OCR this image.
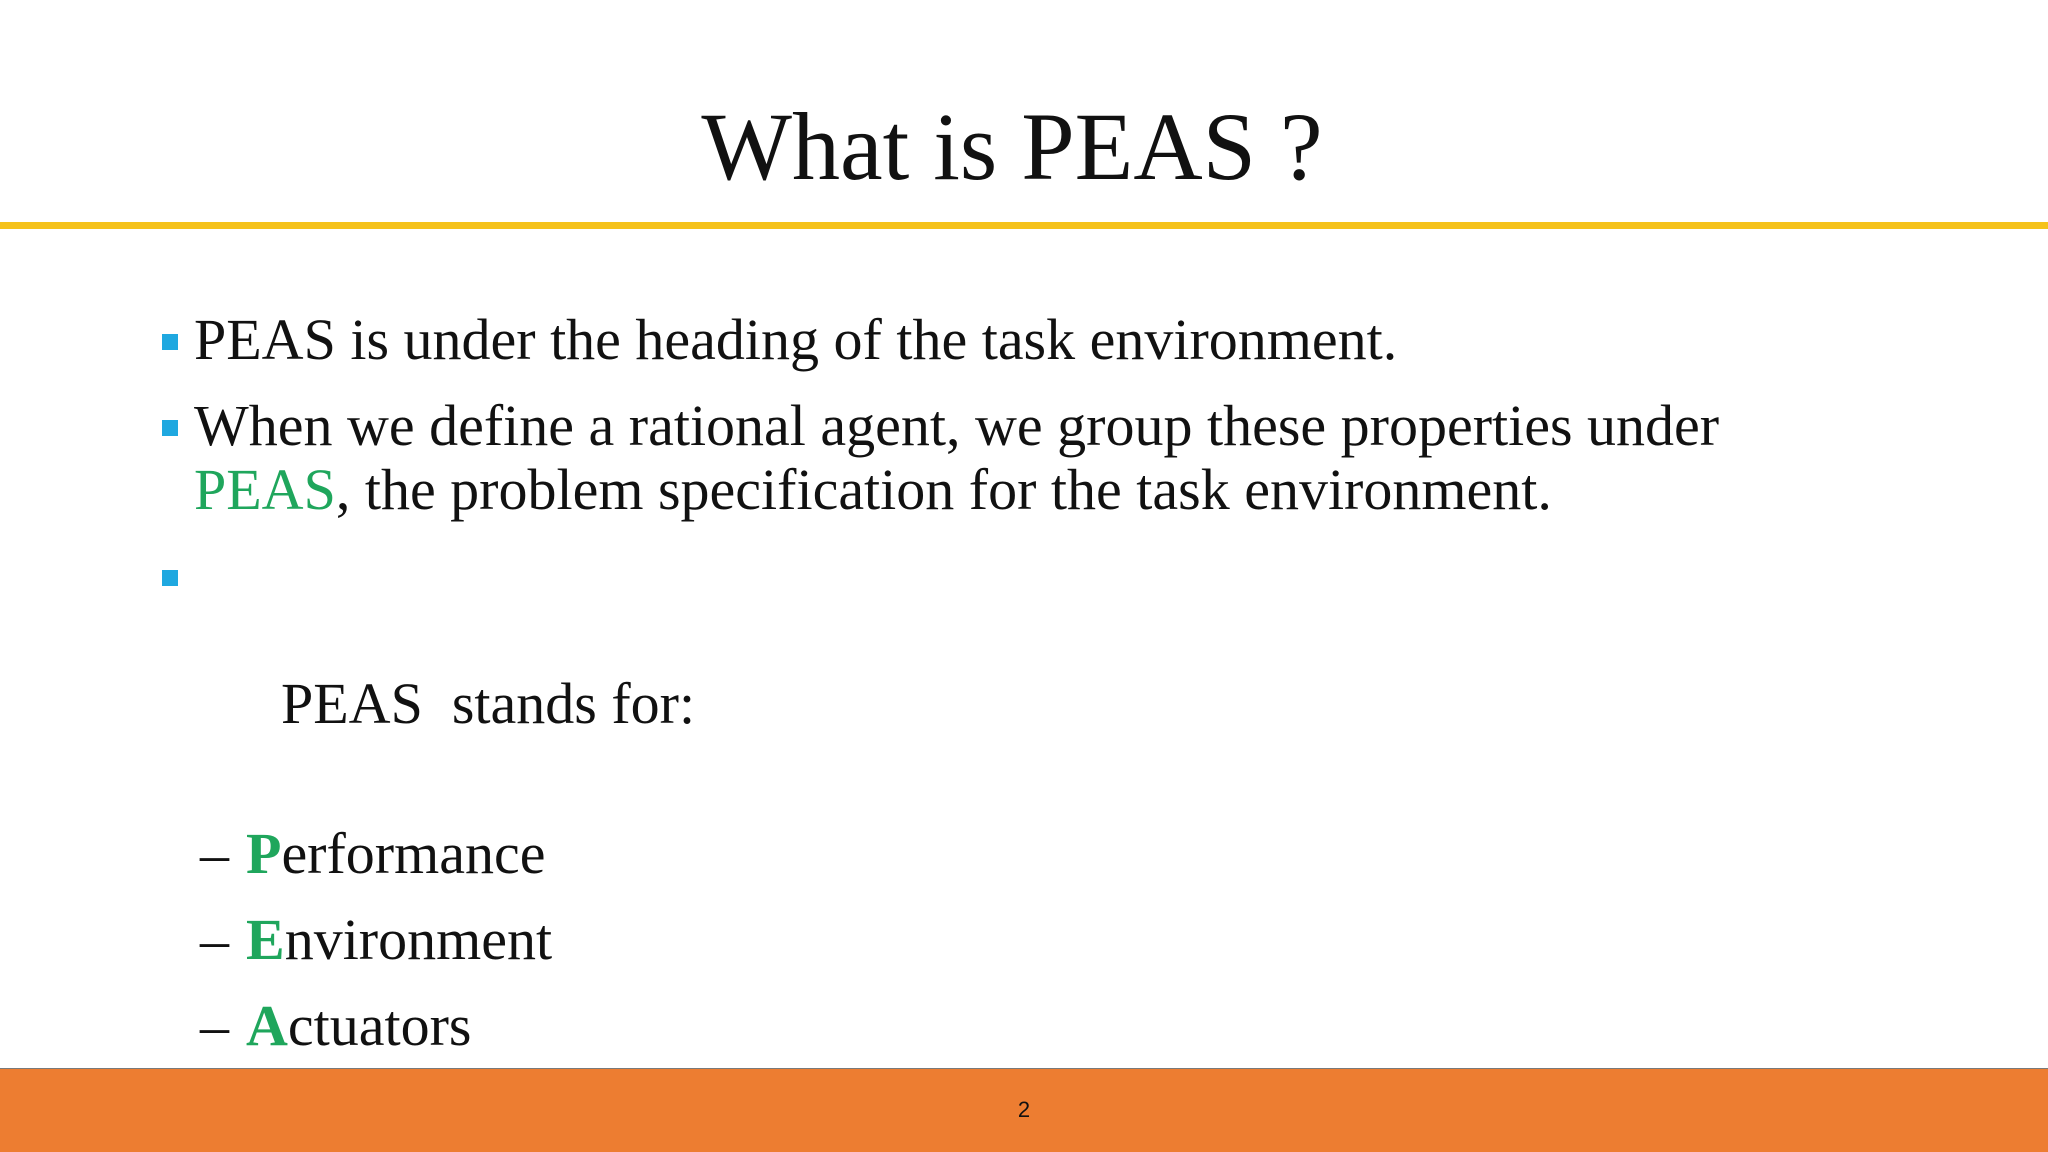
What is PEAS ?
PEAS is under the heading of the task environment.
When we define a rational agent, we group these properties under
PEAS, the problem specification for the task environment.

PEAS  stands for:

– Performance
– Environment
– Actuators
2
